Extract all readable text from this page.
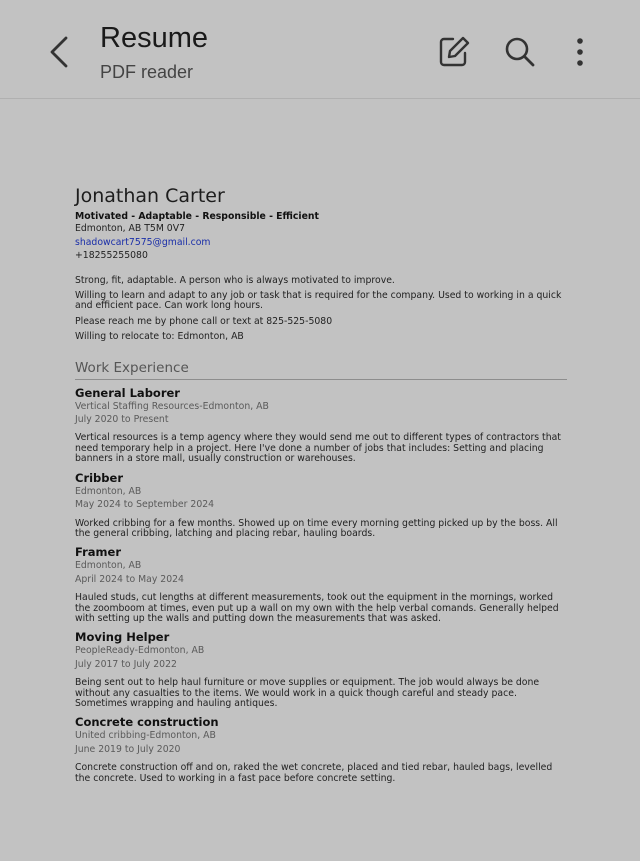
Resume
PDF reader
Jonathan Carter
Motivated - Adaptable - Responsible - Efficient
Edmonton, AB T5M 0V7
shadowcart7575@gmail.com
+18255255080
Strong, fit, adaptable. A person who is always motivated to improve.
Willing to learn and adapt to any job or task that is required for the company. Used to working in a quick and efficient pace. Can work long hours.
Please reach me by phone call or text at 825-525-5080
Willing to relocate to: Edmonton, AB
Work Experience
General Laborer
Vertical Staffing Resources-Edmonton, AB
July 2020 to Present
Vertical resources is a temp agency where they would send me out to different types of contractors that need temporary help in a project. Here I've done a number of jobs that includes: Setting and placing banners in a store mall, usually construction or warehouses.
Cribber
Edmonton, AB
May 2024 to September 2024
Worked cribbing for a few months. Showed up on time every morning getting picked up by the boss. All the general cribbing, latching and placing rebar, hauling boards.
Framer
Edmonton, AB
April 2024 to May 2024
Hauled studs, cut lengths at different measurements, took out the equipment in the mornings, worked the zoomboom at times, even put up a wall on my own with the help verbal comands. Generally helped with setting up the walls and putting down the measurements that was asked.
Moving Helper
PeopleReady-Edmonton, AB
July 2017 to July 2022
Being sent out to help haul furniture or move supplies or equipment. The job would always be done without any casualties to the items. We would work in a quick though careful and steady pace. Sometimes wrapping and hauling antiques.
Concrete construction
United cribbing-Edmonton, AB
June 2019 to July 2020
Concrete construction off and on, raked the wet concrete, placed and tied rebar, hauled bags, levelled the concrete. Used to working in a fast pace before concrete setting.
